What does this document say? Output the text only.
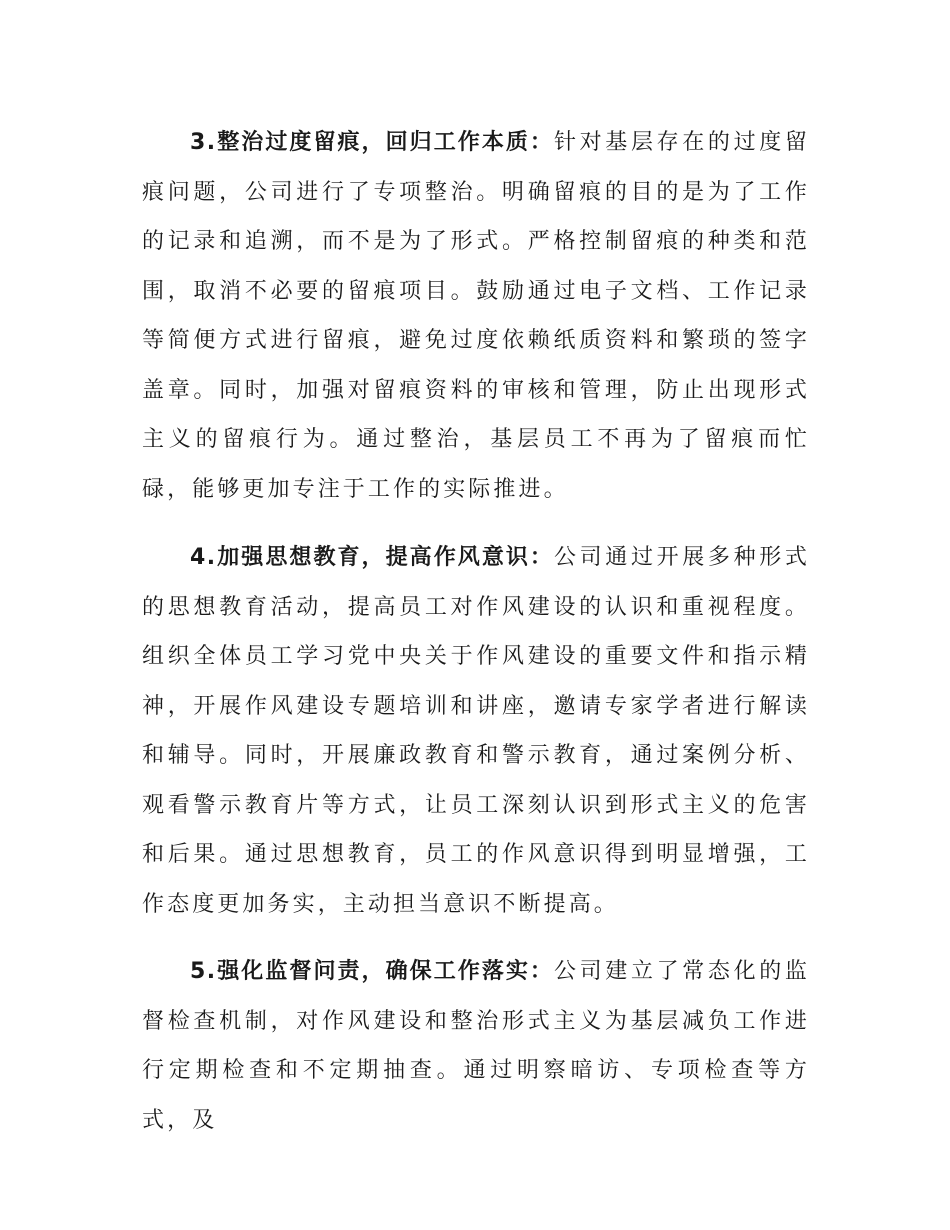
3.整治过度留痕，回归工作本质：针对基层存在的过度留痕问题，公司进行了专项整治。明确留痕的目的是为了工作的记录和追溯，而不是为了形式。严格控制留痕的种类和范围，取消不必要的留痕项目。鼓励通过电子文档、工作记录等简便方式进行留痕，避免过度依赖纸质资料和繁琐的签字盖章。同时，加强对留痕资料的审核和管理，防止出现形式主义的留痕行为。通过整治，基层员工不再为了留痕而忙碌，能够更加专注于工作的实际推进。

4.加强思想教育，提高作风意识：公司通过开展多种形式的思想教育活动，提高员工对作风建设的认识和重视程度。组织全体员工学习党中央关于作风建设的重要文件和指示精神，开展作风建设专题培训和讲座，邀请专家学者进行解读和辅导。同时，开展廉政教育和警示教育，通过案例分析、观看警示教育片等方式，让员工深刻认识到形式主义的危害和后果。通过思想教育，员工的作风意识得到明显增强，工作态度更加务实，主动担当意识不断提高。

5.强化监督问责，确保工作落实：公司建立了常态化的监督检查机制，对作风建设和整治形式主义为基层减负工作进行定期检查和不定期抽查。通过明察暗访、专项检查等方式，及
